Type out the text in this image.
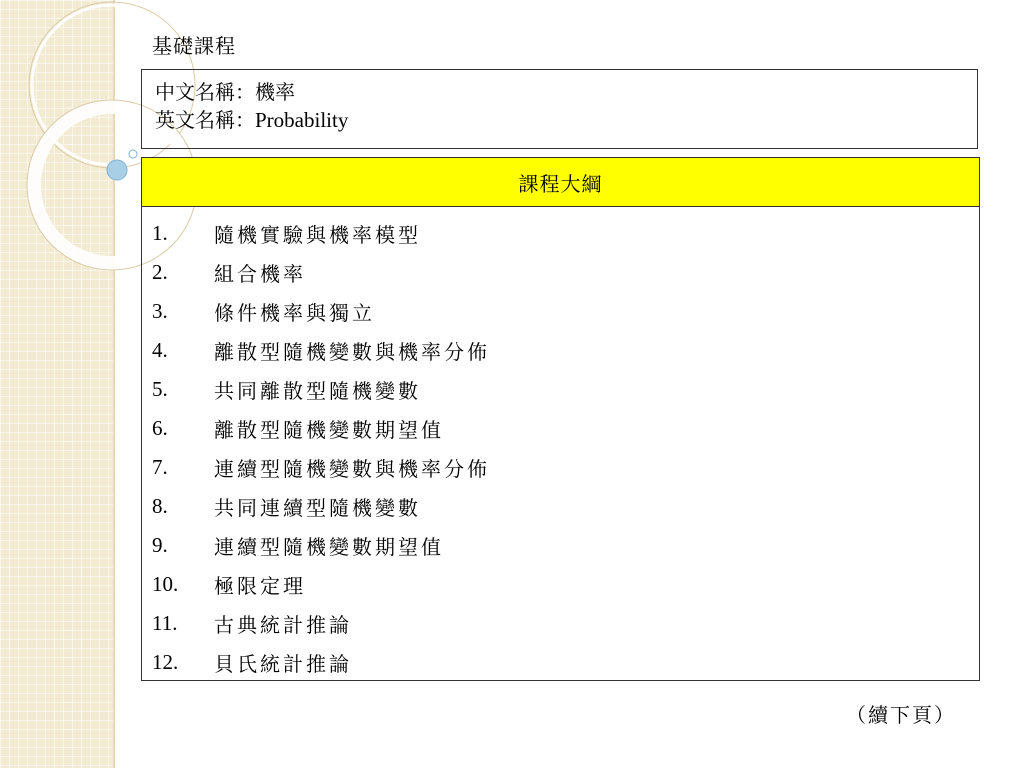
基礎課程
中文名稱：機率
英文名稱：Probability
課程大綱
1.	隨機實驗與機率模型
2.	組合機率
3.	條件機率與獨立
4.	離散型隨機變數與機率分佈
5.	共同離散型隨機變數
6.	離散型隨機變數期望值
7.	連續型隨機變數與機率分佈
8.	共同連續型隨機變數
9.	連續型隨機變數期望值
10.	極限定理
11.	古典統計推論
12.	貝氏統計推論
（續下頁）
